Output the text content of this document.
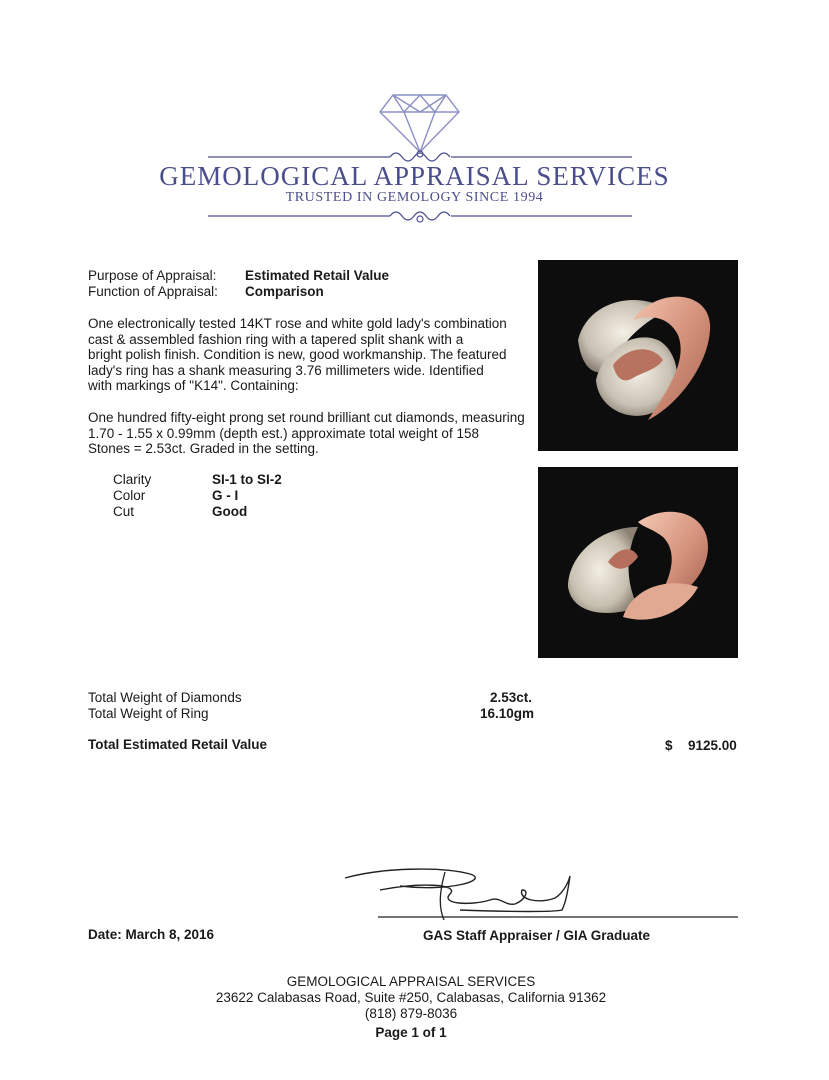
GEMOLOGICAL APPRAISAL SERVICES
TRUSTED IN GEMOLOGY SINCE 1994
Purpose of Appraisal: Estimated Retail Value
Function of Appraisal: Comparison
One electronically tested 14KT rose and white gold lady's combination
cast & assembled fashion ring with a tapered split shank with a
bright polish finish. Condition is new, good workmanship. The featured
lady's ring has a shank measuring 3.76 millimeters wide. Identified
with markings of "K14". Containing:
One hundred fifty-eight prong set round brilliant cut diamonds, measuring
1.70 - 1.55 x 0.99mm (depth est.) approximate total weight of 158
Stones = 2.53ct. Graded in the setting.
Clarity	SI-1 to SI-2
Color	G - I
Cut	Good
Total Weight of Diamonds	2.53ct.
Total Weight of Ring	16.10gm
Total Estimated Retail Value	$ 9125.00
Date: March 8, 2016	GAS Staff Appraiser / GIA Graduate
GEMOLOGICAL APPRAISAL SERVICES
23622 Calabasas Road, Suite #250, Calabasas, California 91362
(818) 879-8036
Page 1 of 1
